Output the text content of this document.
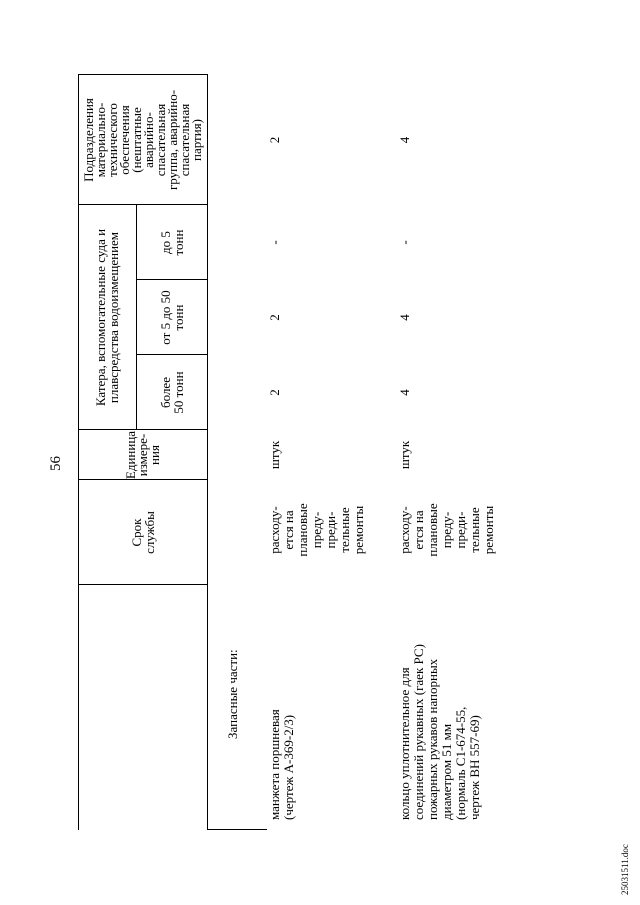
56
Срок
службы
Единица
измере-
ния
Катера, вспомогательные суда и
плавсредства водоизмещением
более
50 тонн
от 5 до 50
тонн
до 5
тонн
Подразделения
материально-
технического
обеспечения
(нештатные
аварийно-
спасательная
группа, аварийно-
спасательная
партия)
Запасные части:
манжета поршневая
(чертеж А-369-2/3)
расходу-
ется на
плановые
преду-
преди-
тельные
ремонты
штук
2
2
-
2
кольцо уплотнительное для
соединений рукавных (гаек РС)
пожарных рукавов напорных
диаметром 51 мм
(нормаль С1-674-55,
чертеж ВН 557-69)
расходу-
ется на
плановые
преду-
преди-
тельные
ремонты
штук
4
4
-
4
25031511.doc
